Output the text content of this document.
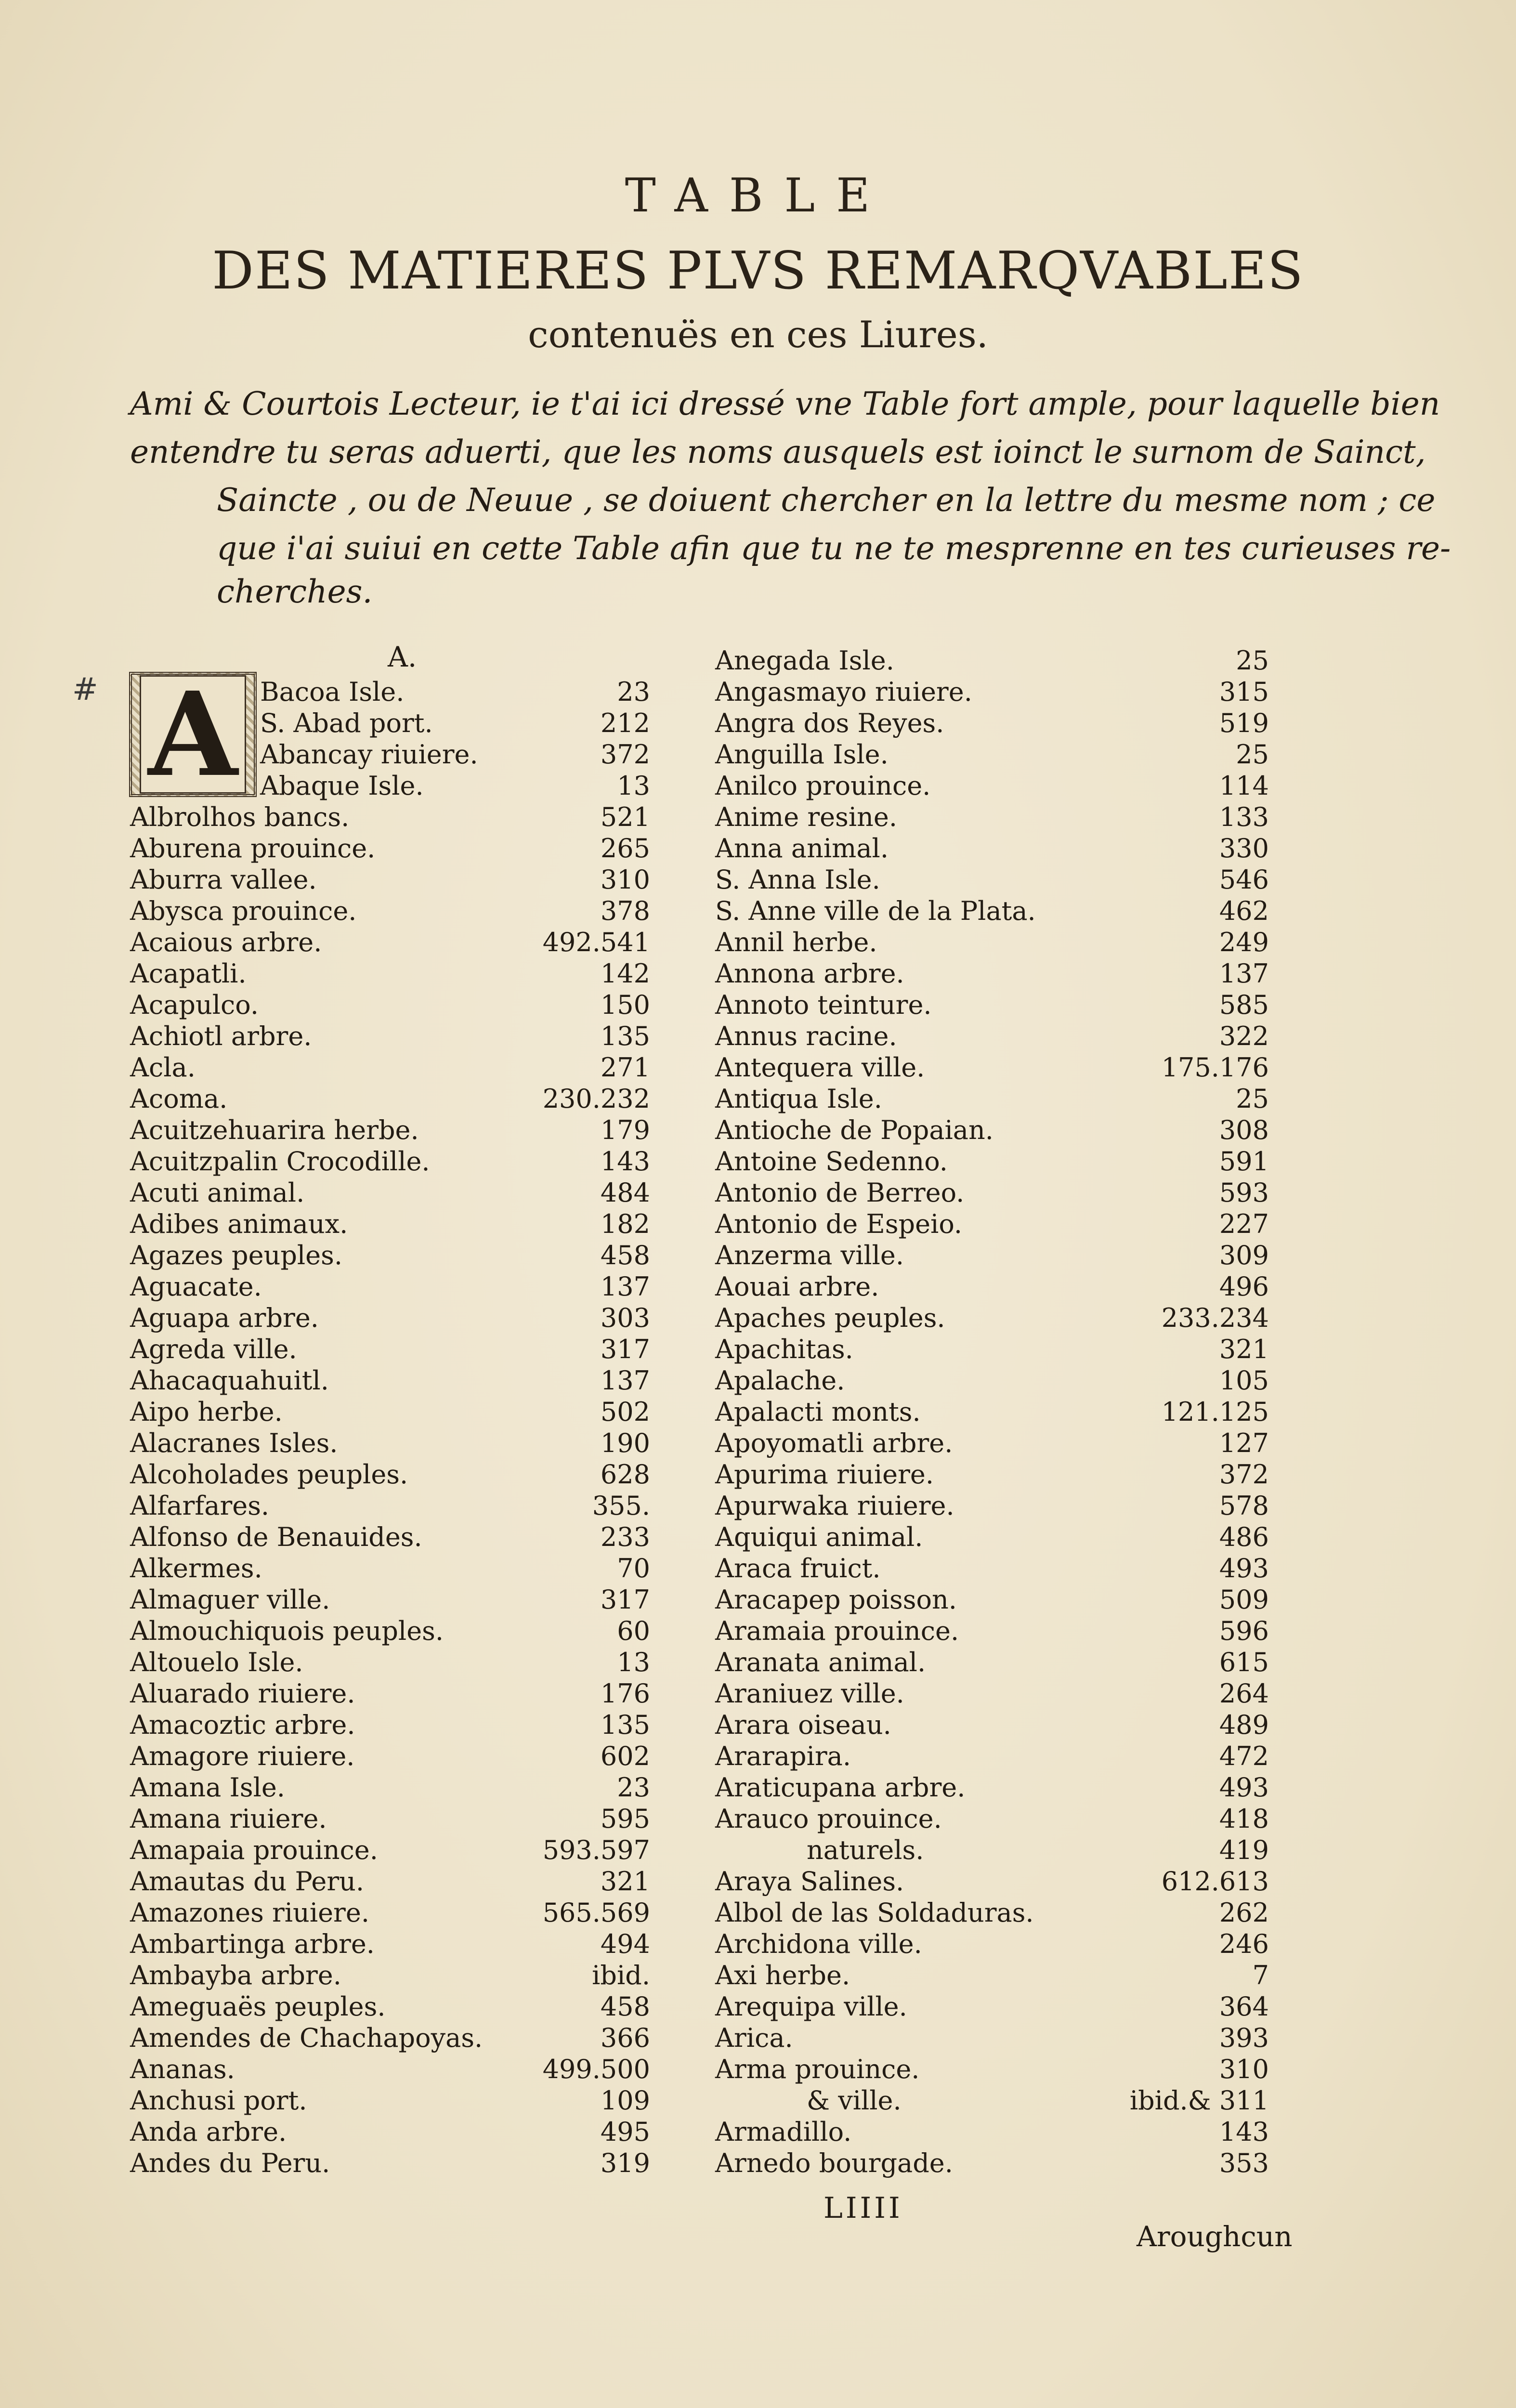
TABLE
DES MATIERES PLVS REMARQVABLES
contenuës en ces Liures.
Ami & Courtois Lecteur, ie t'ai ici dressé vne Table fort ample, pour laquelle bien
entendre tu seras aduerti, que les noms ausquels est ioinct le surnom de Sainct,
Saincte , ou de Neuue , se doiuent chercher en la lettre du mesme nom ; ce
que i'ai suiui en cette Table afin que tu ne te mesprenne en tes curieuses re-
cherches.
#
A.
A Bacoa Isle.	23
S. Abad port.	212
Abancay riuiere.	372
Abaque Isle.	13
Albrolhos bancs.	521
Aburena prouince.	265
Aburra vallee.	310
Abysca prouince.	378
Acaious arbre.	492.541
Acapatli.	142
Acapulco.	150
Achiotl arbre.	135
Acla.	271
Acoma.	230.232
Acuitzehuarira herbe.	179
Acuitzpalin Crocodille.	143
Acuti animal.	484
Adibes animaux.	182
Agazes peuples.	458
Aguacate.	137
Aguapa arbre.	303
Agreda ville.	317
Ahacaquahuitl.	137
Aipo herbe.	502
Alacranes Isles.	190
Alcoholades peuples.	628
Alfarfares.	355.
Alfonso de Benauides.	233
Alkermes.	70
Almaguer ville.	317
Almouchiquois peuples.	60
Altouelo Isle.	13
Aluarado riuiere.	176
Amacoztic arbre.	135
Amagore riuiere.	602
Amana Isle.	23
Amana riuiere.	595
Amapaia prouince.	593.597
Amautas du Peru.	321
Amazones riuiere.	565.569
Ambartinga arbre.	494
Ambayba arbre.	ibid.
Ameguaës peuples.	458
Amendes de Chachapoyas.	366
Ananas.	499.500
Anchusi port.	109
Anda arbre.	495
Andes du Peru.	319
Anegada Isle.	25
Angasmayo riuiere.	315
Angra dos Reyes.	519
Anguilla Isle.	25
Anilco prouince.	114
Anime resine.	133
Anna animal.	330
S. Anna Isle.	546
S. Anne ville de la Plata.	462
Annil herbe.	249
Annona arbre.	137
Annoto teinture.	585
Annus racine.	322
Antequera ville.	175.176
Antiqua Isle.	25
Antioche de Popaian.	308
Antoine Sedenno.	591
Antonio de Berreo.	593
Antonio de Espeio.	227
Anzerma ville.	309
Aouai arbre.	496
Apaches peuples.	233.234
Apachitas.	321
Apalache.	105
Apalacti monts.	121.125
Apoyomatli arbre.	127
Apurima riuiere.	372
Apurwaka riuiere.	578
Aquiqui animal.	486
Araca fruict.	493
Aracapep poisson.	509
Aramaia prouince.	596
Aranata animal.	615
Araniuez ville.	264
Arara oiseau.	489
Ararapira.	472
Araticupana arbre.	493
Arauco prouince.	418
naturels.	419
Araya Salines.	612.613
Albol de las Soldaduras.	262
Archidona ville.	246
Axi herbe.	7
Arequipa ville.	364
Arica.	393
Arma prouince.	310
& ville.	ibid.& 311
Armadillo.	143
Arnedo bourgade.	353
LIIII
Aroughcun
